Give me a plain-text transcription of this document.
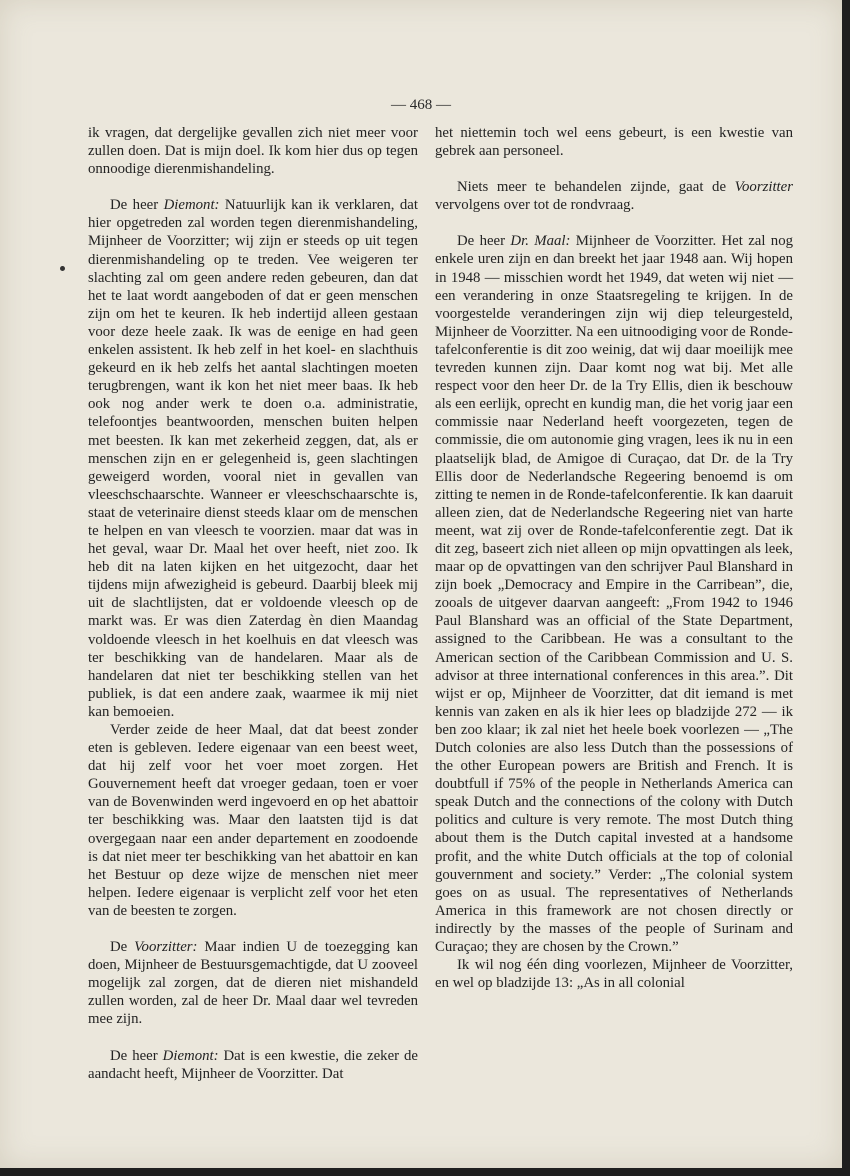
— 468 —

ik vragen, dat dergelijke gevallen zich niet meer voor zullen doen. Dat is mijn doel. Ik kom hier dus op tegen onnoodige dierenmishandeling.

De heer Diemont: Natuurlijk kan ik verklaren, dat hier opgetreden zal worden tegen dierenmishandeling, Mijnheer de Voorzitter; wij zijn er steeds op uit tegen dierenmishandeling op te treden. Vee weigeren ter slachting zal om geen andere reden gebeuren, dan dat het te laat wordt aangeboden of dat er geen menschen zijn om het te keuren. Ik heb indertijd alleen gestaan voor deze heele zaak. Ik was de eenige en had geen enkelen assistent. Ik heb zelf in het koel- en slachthuis gekeurd en ik heb zelfs het aantal slachtingen moeten terugbrengen, want ik kon het niet meer baas. Ik heb ook nog ander werk te doen o.a. administratie, telefoontjes beantwoorden, menschen buiten helpen met beesten. Ik kan met zekerheid zeggen, dat, als er menschen zijn en er gelegenheid is, geen slachtingen geweigerd worden, vooral niet in gevallen van vleeschschaarschte. Wanneer er vleeschschaarschte is, staat de veterinaire dienst steeds klaar om de menschen te helpen en van vleesch te voorzien. maar dat was in het geval, waar Dr. Maal het over heeft, niet zoo. Ik heb dit na laten kijken en het uitgezocht, daar het tijdens mijn afwezigheid is gebeurd. Daarbij bleek mij uit de slachtlijsten, dat er voldoende vleesch op de markt was. Er was dien Zaterdag èn dien Maandag voldoende vleesch in het koelhuis en dat vleesch was ter beschikking van de handelaren. Maar als de handelaren dat niet ter beschikking stellen van het publiek, is dat een andere zaak, waarmee ik mij niet kan bemoeien.

Verder zeide de heer Maal, dat dat beest zonder eten is gebleven. Iedere eigenaar van een beest weet, dat hij zelf voor het voer moet zorgen. Het Gouvernement heeft dat vroeger gedaan, toen er voer van de Bovenwinden werd ingevoerd en op het abattoir ter beschikking was. Maar den laatsten tijd is dat overgegaan naar een ander departement en zoodoende is dat niet meer ter beschikking van het abattoir en kan het Bestuur op deze wijze de menschen niet meer helpen. Iedere eigenaar is verplicht zelf voor het eten van de beesten te zorgen.

De Voorzitter: Maar indien U de toezegging kan doen, Mijnheer de Bestuursgemachtigde, dat U zooveel mogelijk zal zorgen, dat de dieren niet mishandeld zullen worden, zal de heer Dr. Maal daar wel tevreden mee zijn.

De heer Diemont: Dat is een kwestie, die zeker de aandacht heeft, Mijnheer de Voorzitter. Dat

het niettemin toch wel eens gebeurt, is een kwestie van gebrek aan personeel.

Niets meer te behandelen zijnde, gaat de Voorzitter vervolgens over tot de rondvraag.

De heer Dr. Maal: Mijnheer de Voorzitter. Het zal nog enkele uren zijn en dan breekt het jaar 1948 aan. Wij hopen in 1948 — misschien wordt het 1949, dat weten wij niet — een verandering in onze Staatsregeling te krijgen. In de voorgestelde veranderingen zijn wij diep teleurgesteld, Mijnheer de Voorzitter. Na een uitnoodiging voor de Ronde-tafelconferentie is dit zoo weinig, dat wij daar moeilijk mee tevreden kunnen zijn. Daar komt nog wat bij. Met alle respect voor den heer Dr. de la Try Ellis, dien ik beschouw als een eerlijk, oprecht en kundig man, die het vorig jaar een commissie naar Nederland heeft voorgezeten, tegen de commissie, die om autonomie ging vragen, lees ik nu in een plaatselijk blad, de Amigoe di Curaçao, dat Dr. de la Try Ellis door de Nederlandsche Regeering benoemd is om zitting te nemen in de Ronde-tafelconferentie. Ik kan daaruit alleen zien, dat de Nederlandsche Regeering niet van harte meent, wat zij over de Ronde-tafelconferentie zegt. Dat ik dit zeg, baseert zich niet alleen op mijn opvattingen als leek, maar op de opvattingen van den schrijver Paul Blanshard in zijn boek „Democracy and Empire in the Carribean”, die, zooals de uitgever daarvan aangeeft: „From 1942 to 1946 Paul Blanshard was an official of the State Department, assigned to the Caribbean. He was a consultant to the American section of the Caribbean Commission and U. S. advisor at three international conferences in this area.”. Dit wijst er op, Mijnheer de Voorzitter, dat dit iemand is met kennis van zaken en als ik hier lees op bladzijde 272 — ik ben zoo klaar; ik zal niet het heele boek voorlezen — „The Dutch colonies are also less Dutch than the possessions of the other European powers are British and French. It is doubtfull if 75% of the people in Netherlands America can speak Dutch and the connections of the colony with Dutch politics and culture is very remote. The most Dutch thing about them is the Dutch capital invested at a handsome profit, and the white Dutch officials at the top of colonial gouvernment and society.” Verder: „The colonial system goes on as usual. The representatives of Netherlands America in this framework are not chosen directly or indirectly by the masses of the people of Surinam and Curaçao; they are chosen by the Crown.”

Ik wil nog één ding voorlezen, Mijnheer de Voorzitter, en wel op bladzijde 13: „As in all colonial
